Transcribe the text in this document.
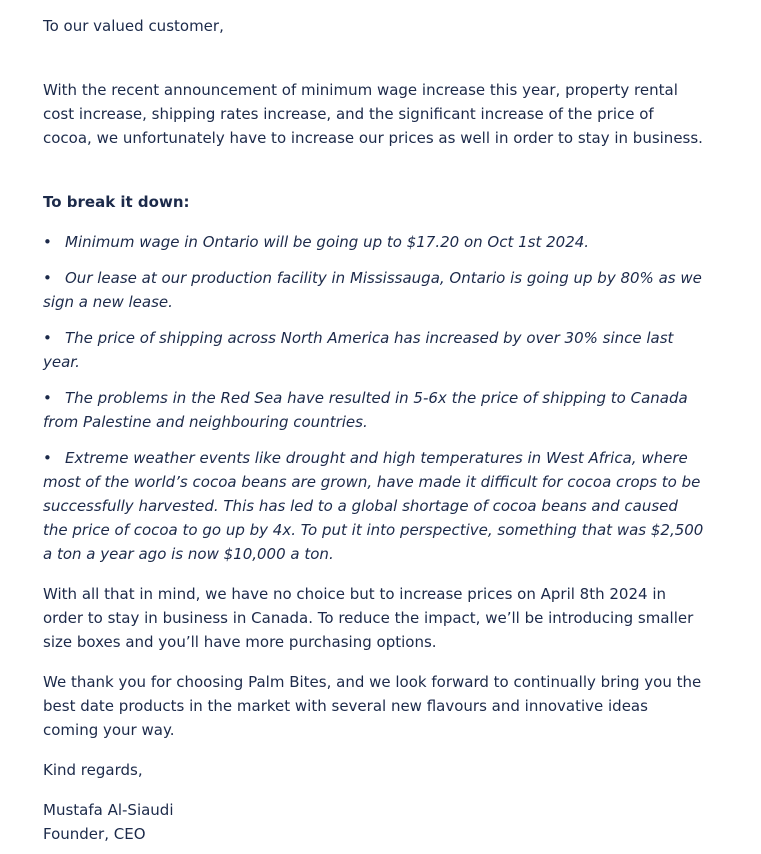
To our valued customer,

With the recent announcement of minimum wage increase this year, property rental cost increase, shipping rates increase, and the significant increase of the price of cocoa, we unfortunately have to increase our prices as well in order to stay in business.

To break it down:

• Minimum wage in Ontario will be going up to $17.20 on Oct 1st 2024.
• Our lease at our production facility in Mississauga, Ontario is going up by 80% as we sign a new lease.
• The price of shipping across North America has increased by over 30% since last year.
• The problems in the Red Sea have resulted in 5-6x the price of shipping to Canada from Palestine and neighbouring countries.
• Extreme weather events like drought and high temperatures in West Africa, where most of the world’s cocoa beans are grown, have made it difficult for cocoa crops to be successfully harvested. This has led to a global shortage of cocoa beans and caused the price of cocoa to go up by 4x. To put it into perspective, something that was $2,500 a ton a year ago is now $10,000 a ton.

With all that in mind, we have no choice but to increase prices on April 8th 2024 in order to stay in business in Canada. To reduce the impact, we’ll be introducing smaller size boxes and you’ll have more purchasing options.

We thank you for choosing Palm Bites, and we look forward to continually bring you the best date products in the market with several new flavours and innovative ideas coming your way.

Kind regards,

Mustafa Al-Siaudi

Founder, CEO
